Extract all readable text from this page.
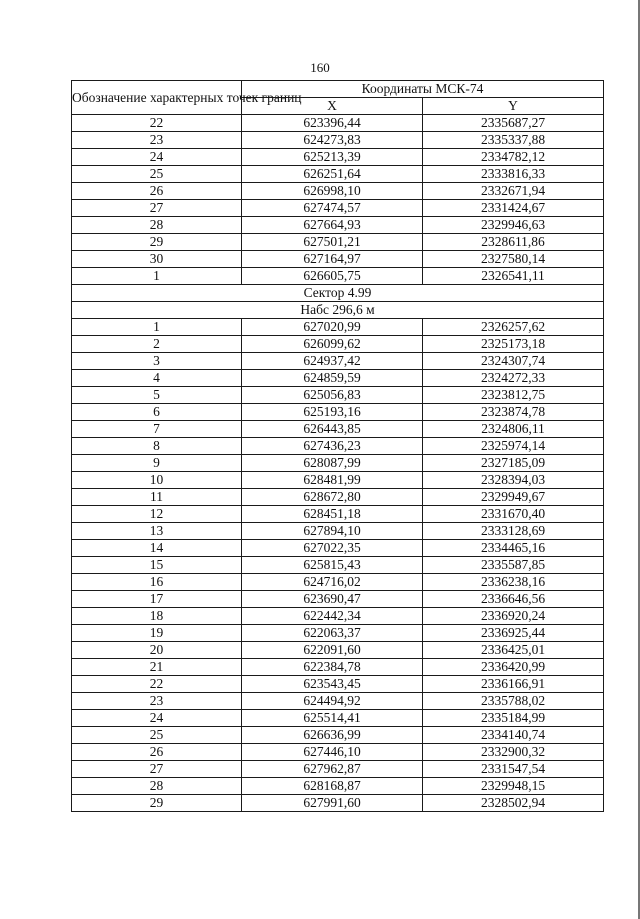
160
Обозначение характерных точек границ	Координаты МСК-74	
	X	Y
22	623396,44	2335687,27
23	624273,83	2335337,88
24	625213,39	2334782,12
25	626251,64	2333816,33
26	626998,10	2332671,94
27	627474,57	2331424,67
28	627664,93	2329946,63
29	627501,21	2328611,86
30	627164,97	2327580,14
1	626605,75	2326541,11
Сектор 4.99		
Набс 296,6 м		
1	627020,99	2326257,62
2	626099,62	2325173,18
3	624937,42	2324307,74
4	624859,59	2324272,33
5	625056,83	2323812,75
6	625193,16	2323874,78
7	626443,85	2324806,11
8	627436,23	2325974,14
9	628087,99	2327185,09
10	628481,99	2328394,03
11	628672,80	2329949,67
12	628451,18	2331670,40
13	627894,10	2333128,69
14	627022,35	2334465,16
15	625815,43	2335587,85
16	624716,02	2336238,16
17	623690,47	2336646,56
18	622442,34	2336920,24
19	622063,37	2336925,44
20	622091,60	2336425,01
21	622384,78	2336420,99
22	623543,45	2336166,91
23	624494,92	2335788,02
24	625514,41	2335184,99
25	626636,99	2334140,74
26	627446,10	2332900,32
27	627962,87	2331547,54
28	628168,87	2329948,15
29	627991,60	2328502,94
